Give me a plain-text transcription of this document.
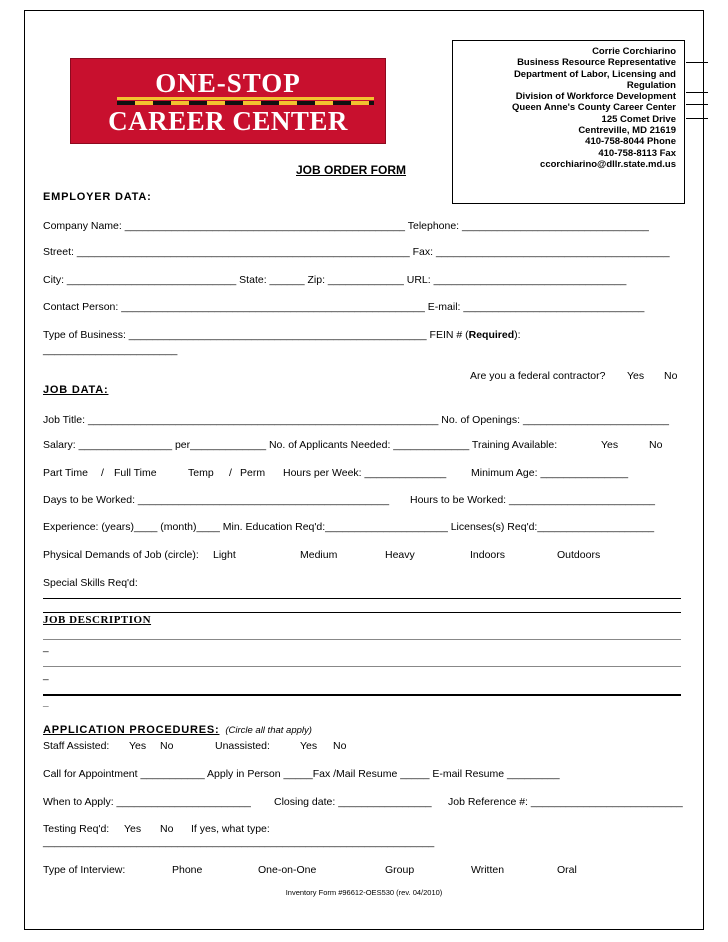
ONE-STOP
CAREER CENTER
Corrie Corchiarino
Business Resource Representative
Department of Labor, Licensing and
Regulation
Division of Workforce Development
Queen Anne's County Career Center
125 Comet Drive
Centreville, MD 21619
410-758-8044 Phone
410-758-8113 Fax
ccorchiarino@dllr.state.md.us
JOB ORDER FORM
EMPLOYER DATA:
Company Name: ________________________________________________ Telephone: ________________________________
Street: _________________________________________________________ Fax: ________________________________________
City: _____________________________ State: ______ Zip: _____________ URL: _________________________________
Contact Person: ____________________________________________________ E-mail: _______________________________
Type of Business: ___________________________________________________ FEIN # (Required):
_______________________
Are you a federal contractor? Yes No
JOB DATA:
Job Title: ____________________________________________________________ No. of Openings: _________________________
Salary: ________________ per_____________ No. of Applicants Needed: _____________ Training Available:	Yes	No
Part Time / Full Time	Temp / Perm Hours per Week: ______________ Minimum Age: _______________
Days to be Worked: ___________________________________________ Hours to be Worked: _________________________
Experience: (years)____ (month)____ Min. Education Req'd:_____________________ Licenses(s) Req'd:____________________
Physical Demands of Job (circle): Light	Medium	Heavy	Indoors	Outdoors
Special Skills Req'd:
JOB DESCRIPTION
_
_
_
APPLICATION PROCEDURES: (Circle all that apply)
Staff Assisted: Yes No	Unassisted:	Yes No
Call for Appointment ___________ Apply in Person _____Fax /Mail Resume _____ E-mail Resume _________
When to Apply: _______________________ Closing date: ________________ Job Reference #: __________________________
Testing Req'd: Yes No If yes, what type:
___________________________________________________________________
Type of Interview:	Phone	One-on-One	Group	Written	Oral
Inventory Form #96612-OES530 (rev. 04/2010)
